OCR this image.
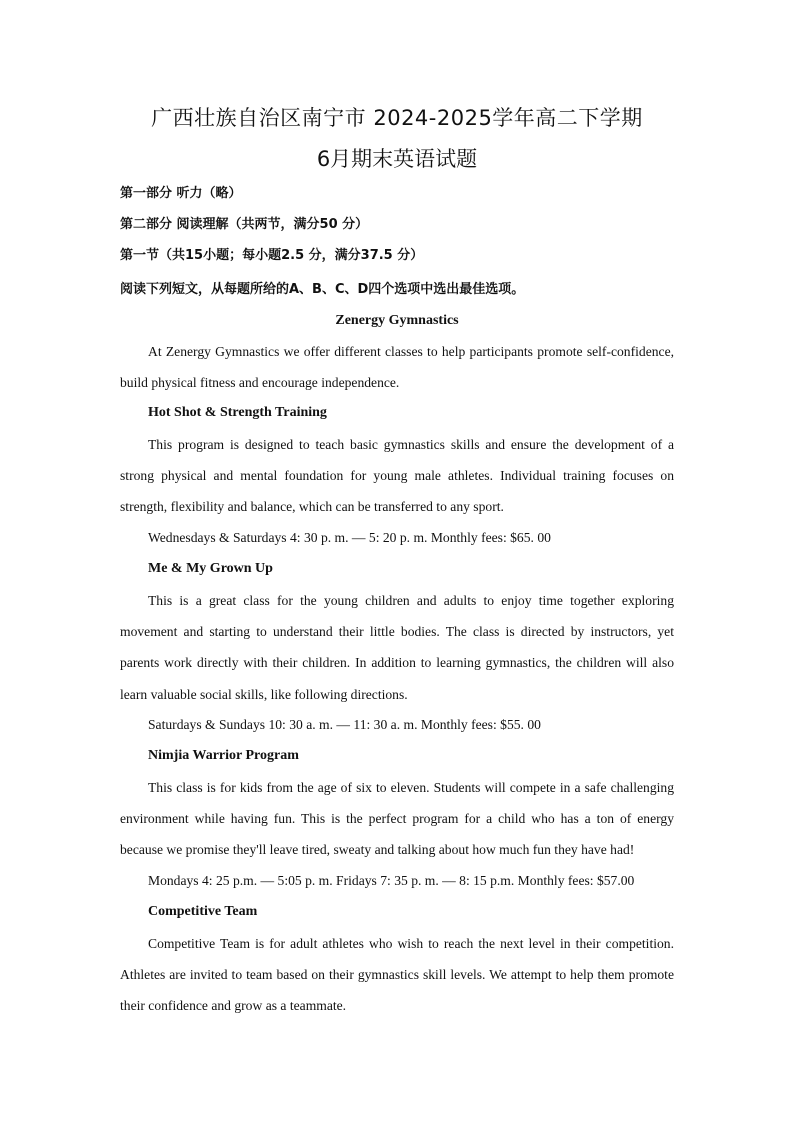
广西壮族自治区南宁市 2024-2025学年高二下学期
6月期末英语试题
第一部分 听力（略）
第二部分 阅读理解（共两节，满分50 分）
第一节（共15小题；每小题2.5 分，满分37.5 分）
阅读下列短文，从每题所给的A、B、C、D四个选项中选出最佳选项。
Zenergy Gymnastics
At Zenergy Gymnastics we offer different classes to help participants promote self-confidence, build physical fitness and encourage independence.
Hot Shot & Strength Training
This program is designed to teach basic gymnastics skills and ensure the development of a strong physical and mental foundation for young male athletes. Individual training focuses on strength, flexibility and balance, which can be transferred to any sport.
Wednesdays & Saturdays 4: 30 p. m. — 5: 20 p. m. Monthly fees: $65. 00
Me & My Grown Up
This is a great class for the young children and adults to enjoy time together exploring movement and starting to understand their little bodies. The class is directed by instructors, yet parents work directly with their children. In addition to learning gymnastics, the children will also learn valuable social skills, like following directions.
Saturdays & Sundays 10: 30 a. m. — 11: 30 a. m. Monthly fees: $55. 00
Nimjia Warrior Program
This class is for kids from the age of six to eleven. Students will compete in a safe challenging environment while having fun. This is the perfect program for a child who has a ton of energy because we promise they'll leave tired, sweaty and talking about how much fun they have had!
Mondays 4: 25 p.m. — 5:05 p. m. Fridays 7: 35 p. m. — 8: 15 p.m. Monthly fees: $57.00
Competitive Team
Competitive Team is for adult athletes who wish to reach the next level in their competition. Athletes are invited to team based on their gymnastics skill levels. We attempt to help them promote their confidence and grow as a teammate.
